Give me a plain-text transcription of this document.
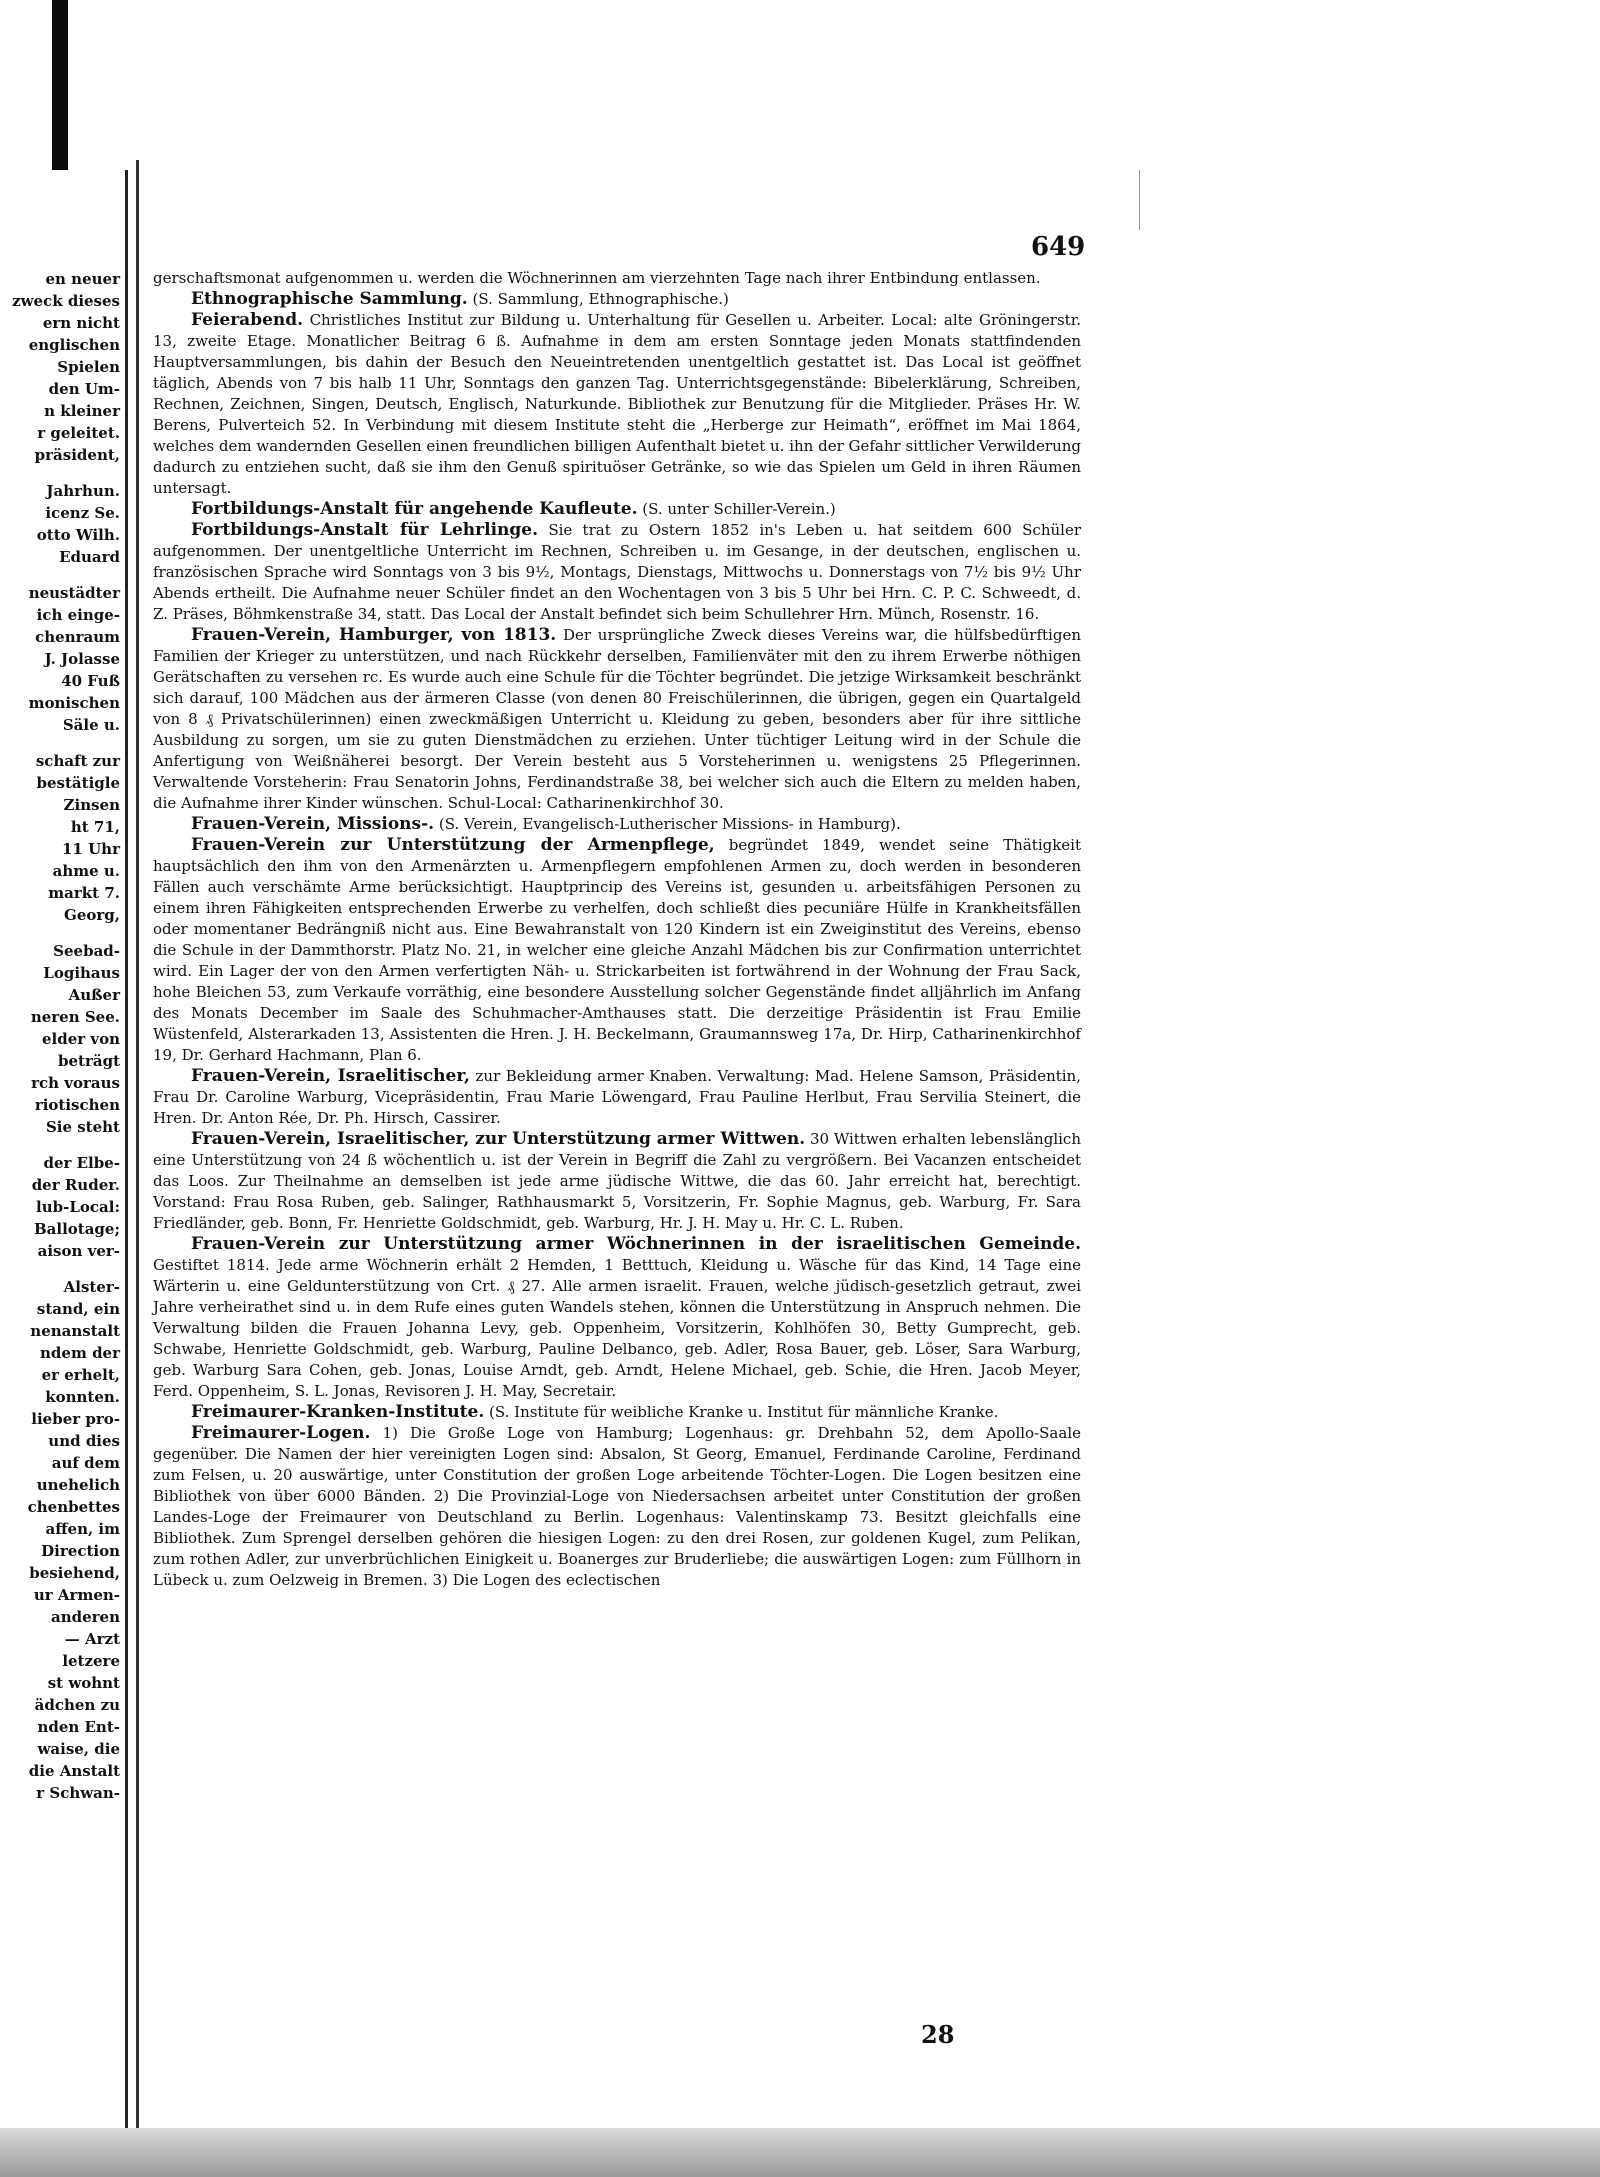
en neuer
zweck dieses
ern nicht
englischen
Spielen
den Um-
n kleiner
r geleitet.
präsident,
Jahrhun.
icenz Se.
otto Wilh.
Eduard
neustädter
ich einge-
chenraum
J. Jolasse
40 Fuß
monischen
Säle u.
schaft zur
bestätigle
Zinsen
ht 71,
11 Uhr
ahme u.
markt 7.
Georg,
Seebad-
Logihaus
Außer
neren See.
elder von
beträgt
rch voraus
riotischen
Sie steht
der Elbe-
der Ruder.
lub-Local:
Ballotage;
aison ver-
Alster-
stand, ein
nenanstalt
ndem der
er erhelt,
konnten.
lieber pro-
und dies
auf dem
unehelich
chenbettes
affen, im
Direction
besiehend,
ur Armen-
anderen
— Arzt
letzere
st wohnt
ädchen zu
nden Ent-
waise, die
die Anstalt
r Schwan-
649

gerschaftsmonat aufgenommen u. werden die Wöchnerinnen am vierzehnten Tage nach ihrer Entbindung entlassen.

Ethnographische Sammlung. (S. Sammlung, Ethnographische.)

Feierabend. Christliches Institut zur Bildung u. Unterhaltung für Gesellen u. Arbeiter. Local: alte Gröningerstr. 13, zweite Etage. Monatlicher Beitrag 6 ß. Aufnahme in dem am ersten Sonntage jeden Monats stattfindenden Hauptversammlungen, bis dahin der Besuch den Neueintretenden unentgeltlich gestattet ist. Das Local ist geöffnet täglich, Abends von 7 bis halb 11 Uhr, Sonntags den ganzen Tag. Unterrichtsgegenstände: Bibelerklärung, Schreiben, Rechnen, Zeichnen, Singen, Deutsch, Englisch, Naturkunde. Bibliothek zur Benutzung für die Mitglieder. Präses Hr. W. Berens, Pulverteich 52. In Verbindung mit diesem Institute steht die „Herberge zur Heimath“, eröffnet im Mai 1864, welches dem wandernden Gesellen einen freundlichen billigen Aufenthalt bietet u. ihn der Gefahr sittlicher Verwilderung dadurch zu entziehen sucht, daß sie ihm den Genuß spirituöser Getränke, so wie das Spielen um Geld in ihren Räumen untersagt.

Fortbildungs-Anstalt für angehende Kaufleute. (S. unter Schiller-Verein.)

Fortbildungs-Anstalt für Lehrlinge. Sie trat zu Ostern 1852 in's Leben u. hat seitdem 600 Schüler aufgenommen. Der unentgeltliche Unterricht im Rechnen, Schreiben u. im Gesange, in der deutschen, englischen u. französischen Sprache wird Sonntags von 3 bis 9½, Montags, Dienstags, Mittwochs u. Donnerstags von 7½ bis 9½ Uhr Abends ertheilt. Die Aufnahme neuer Schüler findet an den Wochentagen von 3 bis 5 Uhr bei Hrn. C. P. C. Schweedt, d. Z. Präses, Böhmkenstraße 34, statt. Das Local der Anstalt befindet sich beim Schullehrer Hrn. Münch, Rosenstr. 16.

Frauen-Verein, Hamburger, von 1813. Der ursprüngliche Zweck dieses Vereins war, die hülfsbedürftigen Familien der Krieger zu unterstützen, und nach Rückkehr derselben, Familienväter mit den zu ihrem Erwerbe nöthigen Gerätschaften zu versehen rc. Es wurde auch eine Schule für die Töchter begründet. Die jetzige Wirksamkeit beschränkt sich darauf, 100 Mädchen aus der ärmeren Classe (von denen 80 Freischülerinnen, die übrigen, gegen ein Quartalgeld von 8 ₰ Privatschülerinnen) einen zweckmäßigen Unterricht u. Kleidung zu geben, besonders aber für ihre sittliche Ausbildung zu sorgen, um sie zu guten Dienstmädchen zu erziehen. Unter tüchtiger Leitung wird in der Schule die Anfertigung von Weißnäherei besorgt. Der Verein besteht aus 5 Vorsteherinnen u. wenigstens 25 Pflegerinnen. Verwaltende Vorsteherin: Frau Senatorin Johns, Ferdinandstraße 38, bei welcher sich auch die Eltern zu melden haben, die Aufnahme ihrer Kinder wünschen. Schul-Local: Catharinenkirchhof 30.

Frauen-Verein, Missions-. (S. Verein, Evangelisch-Lutherischer Missions- in Hamburg).

Frauen-Verein zur Unterstützung der Armenpflege, begründet 1849, wendet seine Thätigkeit hauptsächlich den ihm von den Armenärzten u. Armenpflegern empfohlenen Armen zu, doch werden in besonderen Fällen auch verschämte Arme berücksichtigt. Hauptprincip des Vereins ist, gesunden u. arbeitsfähigen Personen zu einem ihren Fähigkeiten entsprechenden Erwerbe zu verhelfen, doch schließt dies pecuniäre Hülfe in Krankheitsfällen oder momentaner Bedrängniß nicht aus. Eine Bewahranstalt von 120 Kindern ist ein Zweiginstitut des Vereins, ebenso die Schule in der Dammthorstr. Platz No. 21, in welcher eine gleiche Anzahl Mädchen bis zur Confirmation unterrichtet wird. Ein Lager der von den Armen verfertigten Näh- u. Strickarbeiten ist fortwährend in der Wohnung der Frau Sack, hohe Bleichen 53, zum Verkaufe vorräthig, eine besondere Ausstellung solcher Gegenstände findet alljährlich im Anfang des Monats December im Saale des Schuhmacher-Amthauses statt. Die derzeitige Präsidentin ist Frau Emilie Wüstenfeld, Alsterarkaden 13, Assistenten die Hren. J. H. Beckelmann, Graumannsweg 17a, Dr. Hirp, Catharinenkirchhof 19, Dr. Gerhard Hachmann, Plan 6.

Frauen-Verein, Israelitischer, zur Bekleidung armer Knaben. Verwaltung: Mad. Helene Samson, Präsidentin, Frau Dr. Caroline Warburg, Vicepräsidentin, Frau Marie Löwengard, Frau Pauline Herlbut, Frau Servilia Steinert, die Hren. Dr. Anton Rée, Dr. Ph. Hirsch, Cassirer.

Frauen-Verein, Israelitischer, zur Unterstützung armer Wittwen. 30 Wittwen erhalten lebenslänglich eine Unterstützung von 24 ß wöchentlich u. ist der Verein in Begriff die Zahl zu vergrößern. Bei Vacanzen entscheidet das Loos. Zur Theilnahme an demselben ist jede arme jüdische Wittwe, die das 60. Jahr erreicht hat, berechtigt. Vorstand: Frau Rosa Ruben, geb. Salinger, Rathhausmarkt 5, Vorsitzerin, Fr. Sophie Magnus, geb. Warburg, Fr. Sara Friedländer, geb. Bonn, Fr. Henriette Goldschmidt, geb. Warburg, Hr. J. H. May u. Hr. C. L. Ruben.

Frauen-Verein zur Unterstützung armer Wöchnerinnen in der israelitischen Gemeinde. Gestiftet 1814. Jede arme Wöchnerin erhält 2 Hemden, 1 Betttuch, Kleidung u. Wäsche für das Kind, 14 Tage eine Wärterin u. eine Geldunterstützung von Crt. ₰ 27. Alle armen israelit. Frauen, welche jüdisch-gesetzlich getraut, zwei Jahre verheirathet sind u. in dem Rufe eines guten Wandels stehen, können die Unterstützung in Anspruch nehmen. Die Verwaltung bilden die Frauen Johanna Levy, geb. Oppenheim, Vorsitzerin, Kohlhöfen 30, Betty Gumprecht, geb. Schwabe, Henriette Goldschmidt, geb. Warburg, Pauline Delbanco, geb. Adler, Rosa Bauer, geb. Löser, Sara Warburg, geb. Warburg Sara Cohen, geb. Jonas, Louise Arndt, geb. Arndt, Helene Michael, geb. Schie, die Hren. Jacob Meyer, Ferd. Oppenheim, S. L. Jonas, Revisoren J. H. May, Secretair.

Freimaurer-Kranken-Institute. (S. Institute für weibliche Kranke u. Institut für männliche Kranke.

Freimaurer-Logen. 1) Die Große Loge von Hamburg; Logenhaus: gr. Drehbahn 52, dem Apollo-Saale gegenüber. Die Namen der hier vereinigten Logen sind: Absalon, St Georg, Emanuel, Ferdinande Caroline, Ferdinand zum Felsen, u. 20 auswärtige, unter Constitution der großen Loge arbeitende Töchter-Logen. Die Logen besitzen eine Bibliothek von über 6000 Bänden. 2) Die Provinzial-Loge von Niedersachsen arbeitet unter Constitution der großen Landes-Loge der Freimaurer von Deutschland zu Berlin. Logenhaus: Valentinskamp 73. Besitzt gleichfalls eine Bibliothek. Zum Sprengel derselben gehören die hiesigen Logen: zu den drei Rosen, zur goldenen Kugel, zum Pelikan, zum rothen Adler, zur unverbrüchlichen Einigkeit u. Boanerges zur Bruderliebe; die auswärtigen Logen: zum Füllhorn in Lübeck u. zum Oelzweig in Bremen. 3) Die Logen des eclectischen

28
